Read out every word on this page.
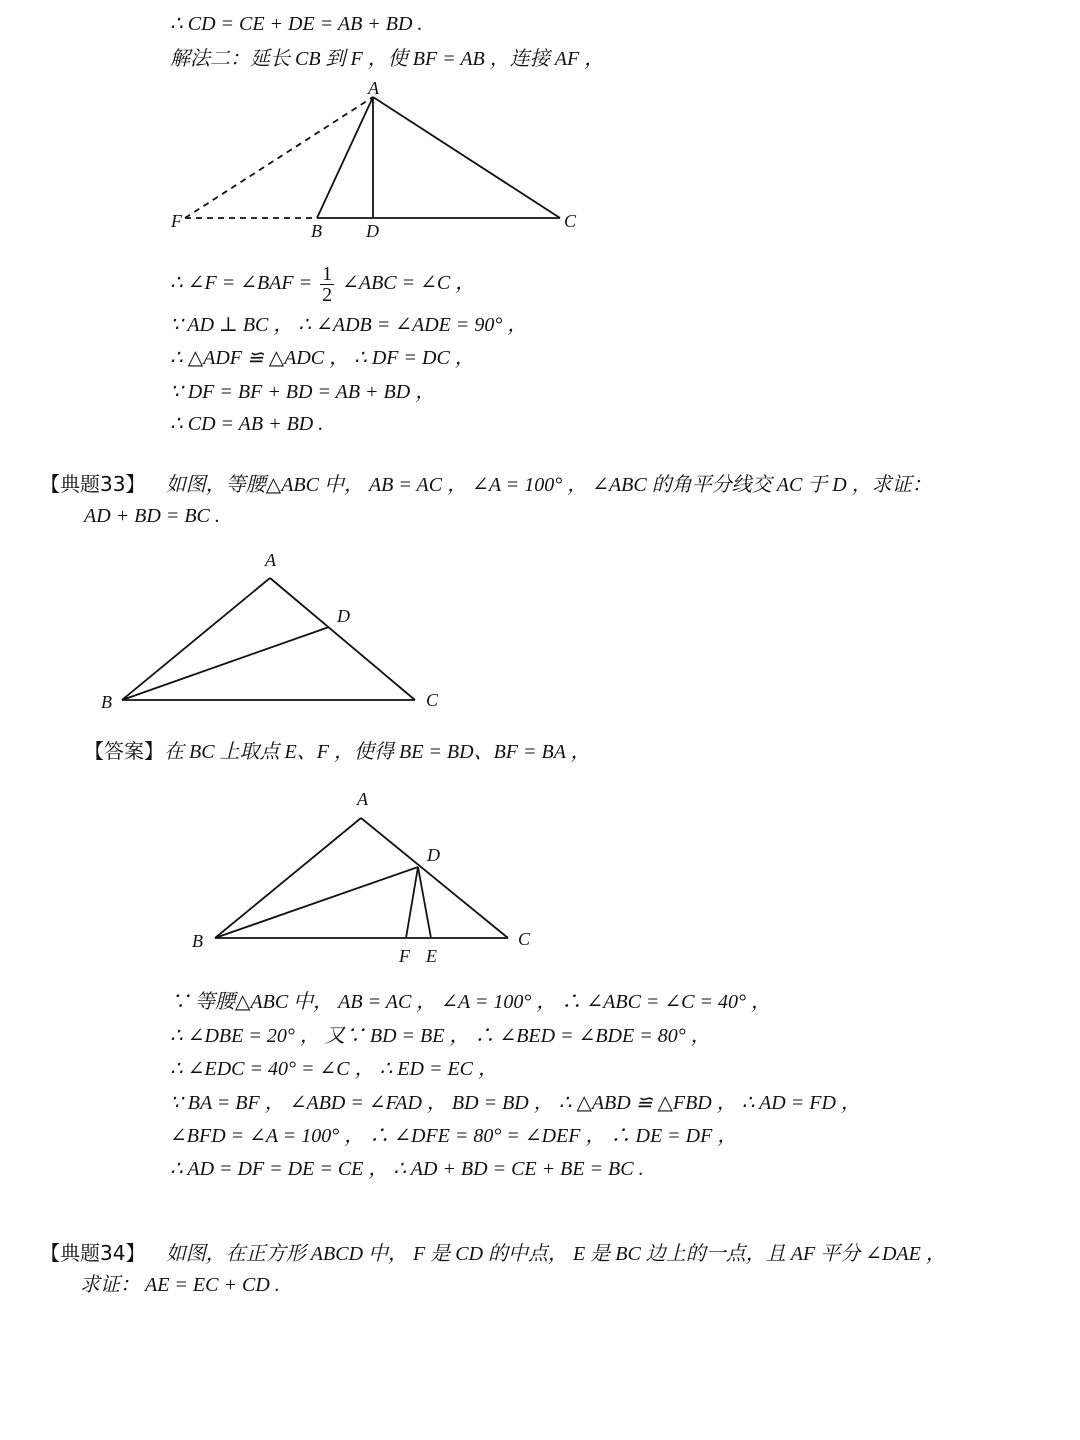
∴ CD = CE + DE = AB + BD .
解法二：延长 CB 到 F ，使 BF = AB ，连接 AF ，
A
F	B D	C
A
D
B	C
A
D
B	C
F E
∴ ∠F = ∠BAF = $\frac{1}{2}$ ∠ABC = ∠C ，
∵ AD ⊥ BC ， ∴ ∠ADB = ∠ADE = 90° ，
∴ △ADF ≌ △ADC ， ∴ DF = DC ，
∵ DF = BF + BD = AB + BD ，
∴ CD = AB + BD .
【典题33】 如图，等腰△ABC 中， AB = AC ， ∠A = 100° ， ∠ABC 的角平分线交 AC 于 D ，求证：
AD + BD = BC .
【答案】在 BC 上取点 E、F ，使得 BE = BD、BF = BA ，
∵ 等腰△ABC 中， AB = AC ， ∠A = 100° ， ∴ ∠ABC = ∠C = 40° ，
∴ ∠DBE = 20° ， 又∵ BD = BE ， ∴ ∠BED = ∠BDE = 80° ，
∴ ∠EDC = 40° = ∠C ， ∴ ED = EC ，
∵ BA = BF ， ∠ABD = ∠FAD ， BD = BD ， ∴ △ABD ≌ △FBD ， ∴ AD = FD ，
∠BFD = ∠A = 100° ， ∴ ∠DFE = 80° = ∠DEF ， ∴ DE = DF ，
∴ AD = DF = DE = CE ， ∴ AD + BD = CE + BE = BC .
【典题34】 如图，在正方形 ABCD 中， F 是 CD 的中点， E 是 BC 边上的一点，且 AF 平分 ∠DAE ，
求证： AE = EC + CD .
